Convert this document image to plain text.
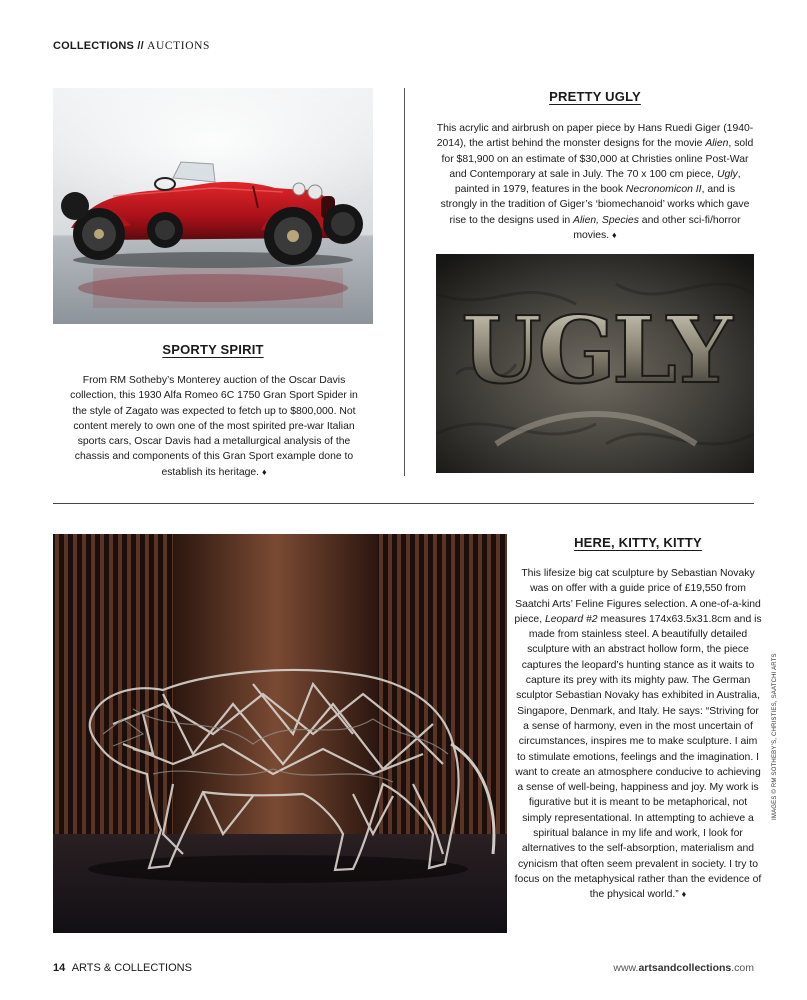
COLLECTIONS // AUCTIONS
SPORTY SPIRIT
From RM Sotheby’s Monterey auction of the Oscar Davis collection, this 1930 Alfa Romeo 6C 1750 Gran Sport Spider in the style of Zagato was expected to fetch up to $800,000. Not content merely to own one of the most spirited pre-war Italian sports cars, Oscar Davis had a metallurgical analysis of the chassis and components of this Gran Sport example done to establish its heritage. ♦
PRETTY UGLY
This acrylic and airbrush on paper piece by Hans Ruedi Giger (1940-2014), the artist behind the monster designs for the movie Alien, sold for $81,900 on an estimate of $30,000 at Christies online Post-War and Contemporary at sale in July. The 70 x 100 cm piece, Ugly, painted in 1979, features in the book Necronomicon II, and is strongly in the tradition of Giger’s ‘biomechanoid’ works which gave rise to the designs used in Alien, Species and other sci-fi/horror movies. ♦
UGLY
HERE, KITTY, KITTY
This lifesize big cat sculpture by Sebastian Novaky was on offer with a guide price of £19,550 from Saatchi Arts’ Feline Figures selection. A one-of-a-kind piece, Leopard #2 measures 174x63.5x31.8cm and is made from stainless steel. A beautifully detailed sculpture with an abstract hollow form, the piece captures the leopard’s hunting stance as it waits to capture its prey with its mighty paw. The German sculptor Sebastian Novaky has exhibited in Australia, Singapore, Denmark, and Italy. He says: “Striving for a sense of harmony, even in the most uncertain of circumstances, inspires me to make sculpture. I aim to stimulate emotions, feelings and the imagination. I want to create an atmosphere conducive to achieving a sense of well-being, happiness and joy. My work is figurative but it is meant to be metaphorical, not simply representational. In attempting to achieve a spiritual balance in my life and work, I look for alternatives to the self-absorption, materialism and cynicism that often seem prevalent in society. I try to focus on the metaphysical rather than the evidence of the physical world.” ♦
IMAGES © RM SOTHEBY’S, CHRISTIES, SAATCHI ARTS
14 ARTS & COLLECTIONS	www.artsandcollections.com
